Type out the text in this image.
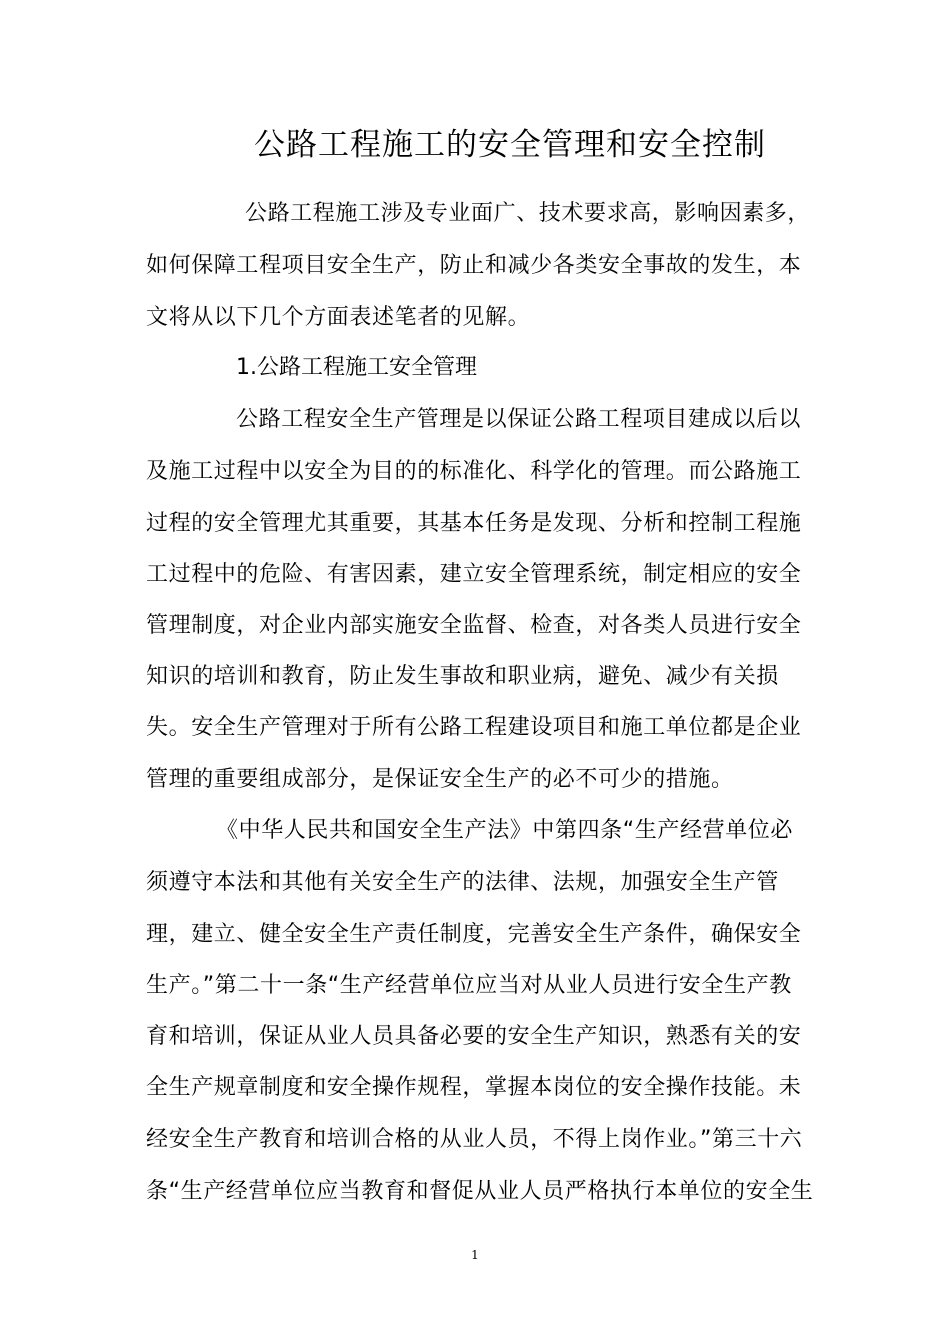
公路工程施工的安全管理和安全控制
公路工程施工涉及专业面广、技术要求高，影响因素多，
如何保障工程项目安全生产，防止和减少各类安全事故的发生，本
文将从以下几个方面表述笔者的见解。
1.公路工程施工安全管理
公路工程安全生产管理是以保证公路工程项目建成以后以
及施工过程中以安全为目的的标准化、科学化的管理。而公路施工
过程的安全管理尤其重要，其基本任务是发现、分析和控制工程施
工过程中的危险、有害因素，建立安全管理系统，制定相应的安全
管理制度，对企业内部实施安全监督、检查，对各类人员进行安全
知识的培训和教育，防止发生事故和职业病，避免、减少有关损
失。安全生产管理对于所有公路工程建设项目和施工单位都是企业
管理的重要组成部分，是保证安全生产的必不可少的措施。
《中华人民共和国安全生产法》中第四条“生产经营单位必
须遵守本法和其他有关安全生产的法律、法规，加强安全生产管
理，建立、健全安全生产责任制度，完善安全生产条件，确保安全
生产。”第二十一条“生产经营单位应当对从业人员进行安全生产教
育和培训，保证从业人员具备必要的安全生产知识，熟悉有关的安
全生产规章制度和安全操作规程，掌握本岗位的安全操作技能。未
经安全生产教育和培训合格的从业人员，不得上岗作业。”第三十六
条“生产经营单位应当教育和督促从业人员严格执行本单位的安全生
1
